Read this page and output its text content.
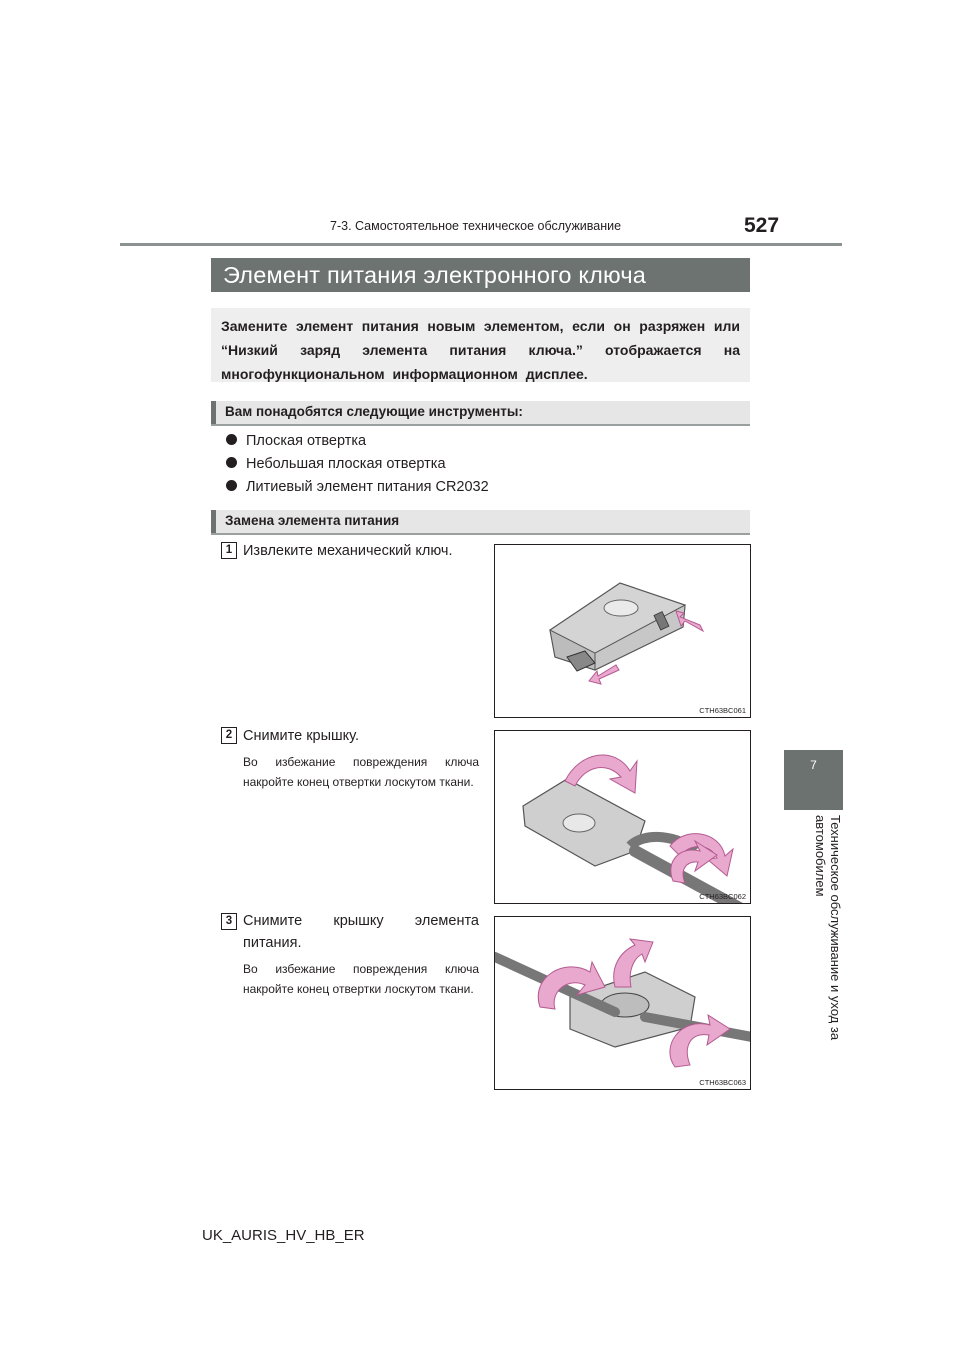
7-3. Самостоятельное техническое обслуживание	527
7
Техническое обслуживание и уход за автомобилем
Элемент питания электронного ключа
Замените элемент питания новым элементом, если он разряжен или “Низкий заряд элемента питания ключа.” отображается на многофункциональном информационном дисплее.
Вам понадобятся следующие инструменты:
Плоская отвертка
Небольшая плоская отвертка
Литиевый элемент питания CR2032
Замена элемента питания
1 Извлеките механический ключ.
CTH63BC061
2 Снимите крышку.
Во избежание повреждения ключа накройте конец отвертки лоскутом ткани.
CTH63BC062
3 Снимите крышку элемента питания.
Во избежание повреждения ключа накройте конец отвертки лоскутом ткани.
CTH63BC063
UK_AURIS_HV_HB_ER
